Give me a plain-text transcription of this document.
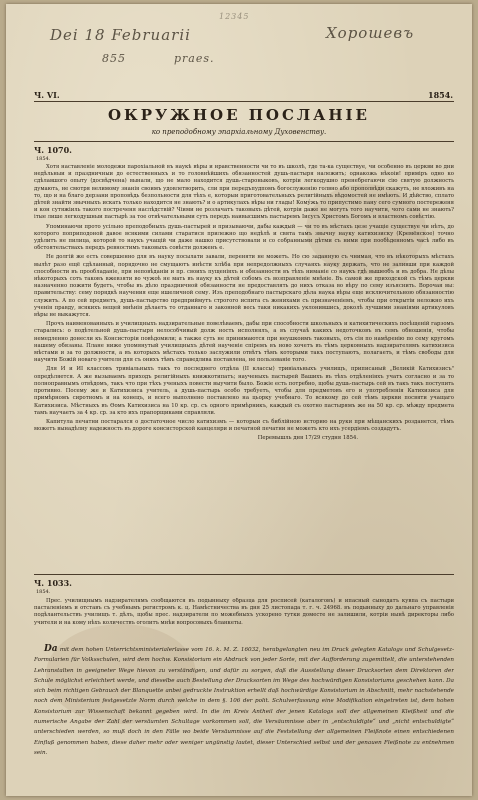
12345
Dei 18 Februarii	Хорошевъ
855	praes.
Ч. VI.	1854.
ОКРУЖНОЕ ПОСЛАНІЕ
ко преподобному эпархіальному Духовенству.
Ч. 1070.
1854.

Хотя наставленіе молодежи парохіальной въ наукѣ вѣры и нравственности чи то въ школѣ, где та-ка существуе, чи особенно въ церкви во дни недѣльныи и праздничныи до естественныхъ и то головнѣйшихъ обязанностей душь-пастыря належить; однакожь нѣкоіи! приміръ одно ко сдѣлавшого опыту (досвѣдчена) вынали, що не мало находится душь-староныковъ, котріи легкодушно пренебрегаючи сію святую должность думають, не смотря велимому знанія своимъ удовлетворить, сли при передъпудпомъ богослуженію голвно або прополвѣди скажуть, не вложивъ на то, що и на благо дерзани проповѣдь безпольности для тѣхъ е, которыи приготовательныхъ религійныхъ вѣдомостей не имѣють. И дѣйство, сплато дѣтей знайти звычныхъ искать только находится не знають? и о артикулахъ вѣры ни глады! Кому́жь то припустимо пану сего сумного постереженя и кон сутяжіиль такого постреченя наслѣдствій? Чіими не розлачатъ таковыхъ дѣтей, котріи даже не могуть того научити, чого сами не знають? ітые лише легкодушныи пастырѣ за тое отвѣчательными суть передъ наивысшимъ пастыремъ Іисусъ Христомъ Богомъ и властномъ совѣстію.

Упоминаючи прото усільно преподобныхъ душь-пастырей и призываючи, дабы каждый — чи то въ мѣстахъ цезе учащіе существуе чи нѣтъ, до которого поприподоной давое всякими силами старатися прилежно що недѣлѣ и свята тамъ звычну науку катихизиску (Кремёнское) точно удѣлитъ не пилица, которой то наукъ учащій чи даже нашко присутствовали и со собранными дѣтми съ ними при пообѣденномъ часѣ либо въ обстоятельствахъ передъ ревностимъ таковыхъ совѣсти долженъ е.

Не долгій же есть совершенно для въ науку посылати завали, переняти не можетъ. Но сю заданную съ чнимая, что въ нѣкоторыхъ мѣстахъ вылѣт разо ещё сдѣланный, порядочно не смущаютъ инѣсти хлѣба при непредолжныхъ случаяхъ науку держать, что не заливши при каждой способности въ прообладаніе, при неповѣданіи и пр. своихъ пущеніяхъ и обязанности въ тѣхъ ниманіе со наукъ гдѣ вышеобъ и въ добра. Не дѣлы нѣкоторыхъ сотъ таковъ вжевзяти во чужоѣ не мать въ науку къ дѣтей собомъ съ возправленіе мнѣніе. Въ самой же приходской съ тѣмъ церкви назначенно пожити будетъ, чтобы въ дѣло праздничной обязанности не предоставлять до нихъ отказа во вѣру по сему изъяснить. Ворочая вы: правительству: сему порядкѣ научения еще ишеличной сему. Изъ преподобнаго пастырскаго дѣла наука вѣры еще исключительною обязанностію служитъ. А по сей предметъ, душь-пастырство предприймутъ строгого испита съ женихами съ призначеніемъ, чтобы при открытіи неложно ихъ ученія правду, всякихъ вещей мнѣнія дѣлаетъ то отданнаго и законной весь таки никакихъ уклонившись, доколѣ лучшими знаніями артикуловъ вѣры не выкажутся.

Прочъ наименованныхъ и училищныхъ надзирательные повелѣваемъ, дабы при способности школьныхъ и катихитическихъ посѣщеній гарзомъ старались: о подѣтельной душь-пастыря нелособчивый долж ность исполнялъ, а въ случаѣ какихъ недоточковъ въ семъ обношенія, чтобы немедленно донесли къ Консисторіи повѣдомили; а также суть не принимаются при неушкоимъ таковыхъ, отъ сія по намѣренію по сему кругомъ нашему обязаны. Плане ниже упомянутый училищныхъ дѣтей наученіе спіремъ въ ново хочетъ въ тѣмъ церковныхъ надзирателямъ катихизиса мѣстами и за то должности, а въ которыхъ мѣстахъ только заслужили отвѣтъ тѣмъ которыми такъ поступаютъ, полагаетъ, и тѣмъ свободы для научити Божій новаго учителя для съ онихъ тѣмъ справедлива поставлена, не пользованіе того.

Для И и ИІ классовъ тривіальныхъ такъ то последнего отдѣла (ІІ классы) тривіальныхъ училищъ, приписаный „Великій Катихизисъ" опредѣляется. А же вызываемъ приходъ религійныхъ книжкотипатъ; наученыхъ пастырей Вашихъ въ тѣхъ отдѣленіяхъ учатъ согласно и за то полноправнымъ отвѣдомъ, такъ что при тѣхъ ученыхъ повести выучити было. Божіе есть потребно, щобы душь-пастырь сей въ такъ такъ поступить противно. Посему же и Катихизиса учитель, а душь-пастырь особо требуетъ, чтобы для предметовъ его и употребленія Катихизиса для примѣрномъ сиротномъ и на конецъ, и всего выполнено поставлено на цьорку учебнаго. То всякому до сей тѣмъ церкви посвяти учащаго Катихизиса. Мѣстныхъ въ Ѳомъ Катихизиса на 10 кр. ср. съ одного примѣрникъ, каждый съ охотно пастырямъ же на 50 кр. ср. мѣжду предмета тамъ научаетъ за 4 кр. ср. за кто ихъ прапорщиками справляли.

Капитула печатни постарался о достаточное число катихизмъ — которыи съ библійною историю на руки при мѣщанскихъ розданется, тѣмъ можетъ вынадѣлну надежность въ дороге консисторской канцеляри и печатной печатни не можетъ кто ихъ усердіемъ создадутъ.

Перемышль дня 17/29 студня 1854.
Ч. 1033.
1854.

Прес. училищнымъ надзирателямъ сообщаются въ подынныху образца для росписей (каталоговъ) и ипасный сынодатъ кувпа съ пастыри пасталеніемъ и отставъ съ учебнымъ регистромъ к. ц. Намѣстничества въ дня 25 листопада т. г. ч. 24968. въ подынныху до дальнаго управленія подѣлантельствъ училищъ т. дѣлъ, щобы прес. надзиратели по можебныхъ ускорено тутки доместе не залишили, котріи нынѣ директоры либо учители и на кому нѣхъ количествъ оголитъ мнѣи вопросовыхъ бланкеты.

Da mit dem hohen Unterrichtsministerialerlasse vom 16. k. M. Z. 16032, herabgelangten neu im Druck gelegten Katalogs und Schulgesetz-Formularien für Volksschulen, wird dem hochw. Konsistorium ein Abdruck von jeder Sorte, mit der Aufforderung zugemittelt, die unterstehenden Lehranstalten in geeigneter Wege hievon zu verständigen, und dafür zu sorgen, daß die Ausstellung dieser Drucksorten dem Direktoren der Schule möglichst erleichtert werde, und dieselbe auch Bestellung der Drucksorten im Wege des hochwürdigen Konsistoriums geschehen kann. Da sich beim richtigen Gebrauch der Blanquette anbei gedruckte Instruktion erhellt daß hochwürdige Konsistorium in Abschnitt, mehr nachstehende noch dem Ministerium festgesetzte Norm durch welche in dem §. 106 der polit. Schulverfassung eine Modifikation eingetreten ist, dem hohen Konsistorium zur Wissenschaft bekannt gegeben wird. In die im Kreis Antheil der jenen Katalogs soll der allgemeinen Kleißheit und die numerische Angabe der Zahl der versäumten Schultage vorkommen soll, die Versäumnisse aber in „entschuldigte“ und „nicht entschuldigte“ unterschieden werden, so muß doch in den Fälle wo beide Versäumnisse auf die Feststellung der allgemeinen Fleißnote einen entschiedenen Einfluß genommen haben, diese daher mehr oder weniger ungünstig lautet, dieser Unterschied selbst und der genauen Fleißnote zu entnehmen sein.
